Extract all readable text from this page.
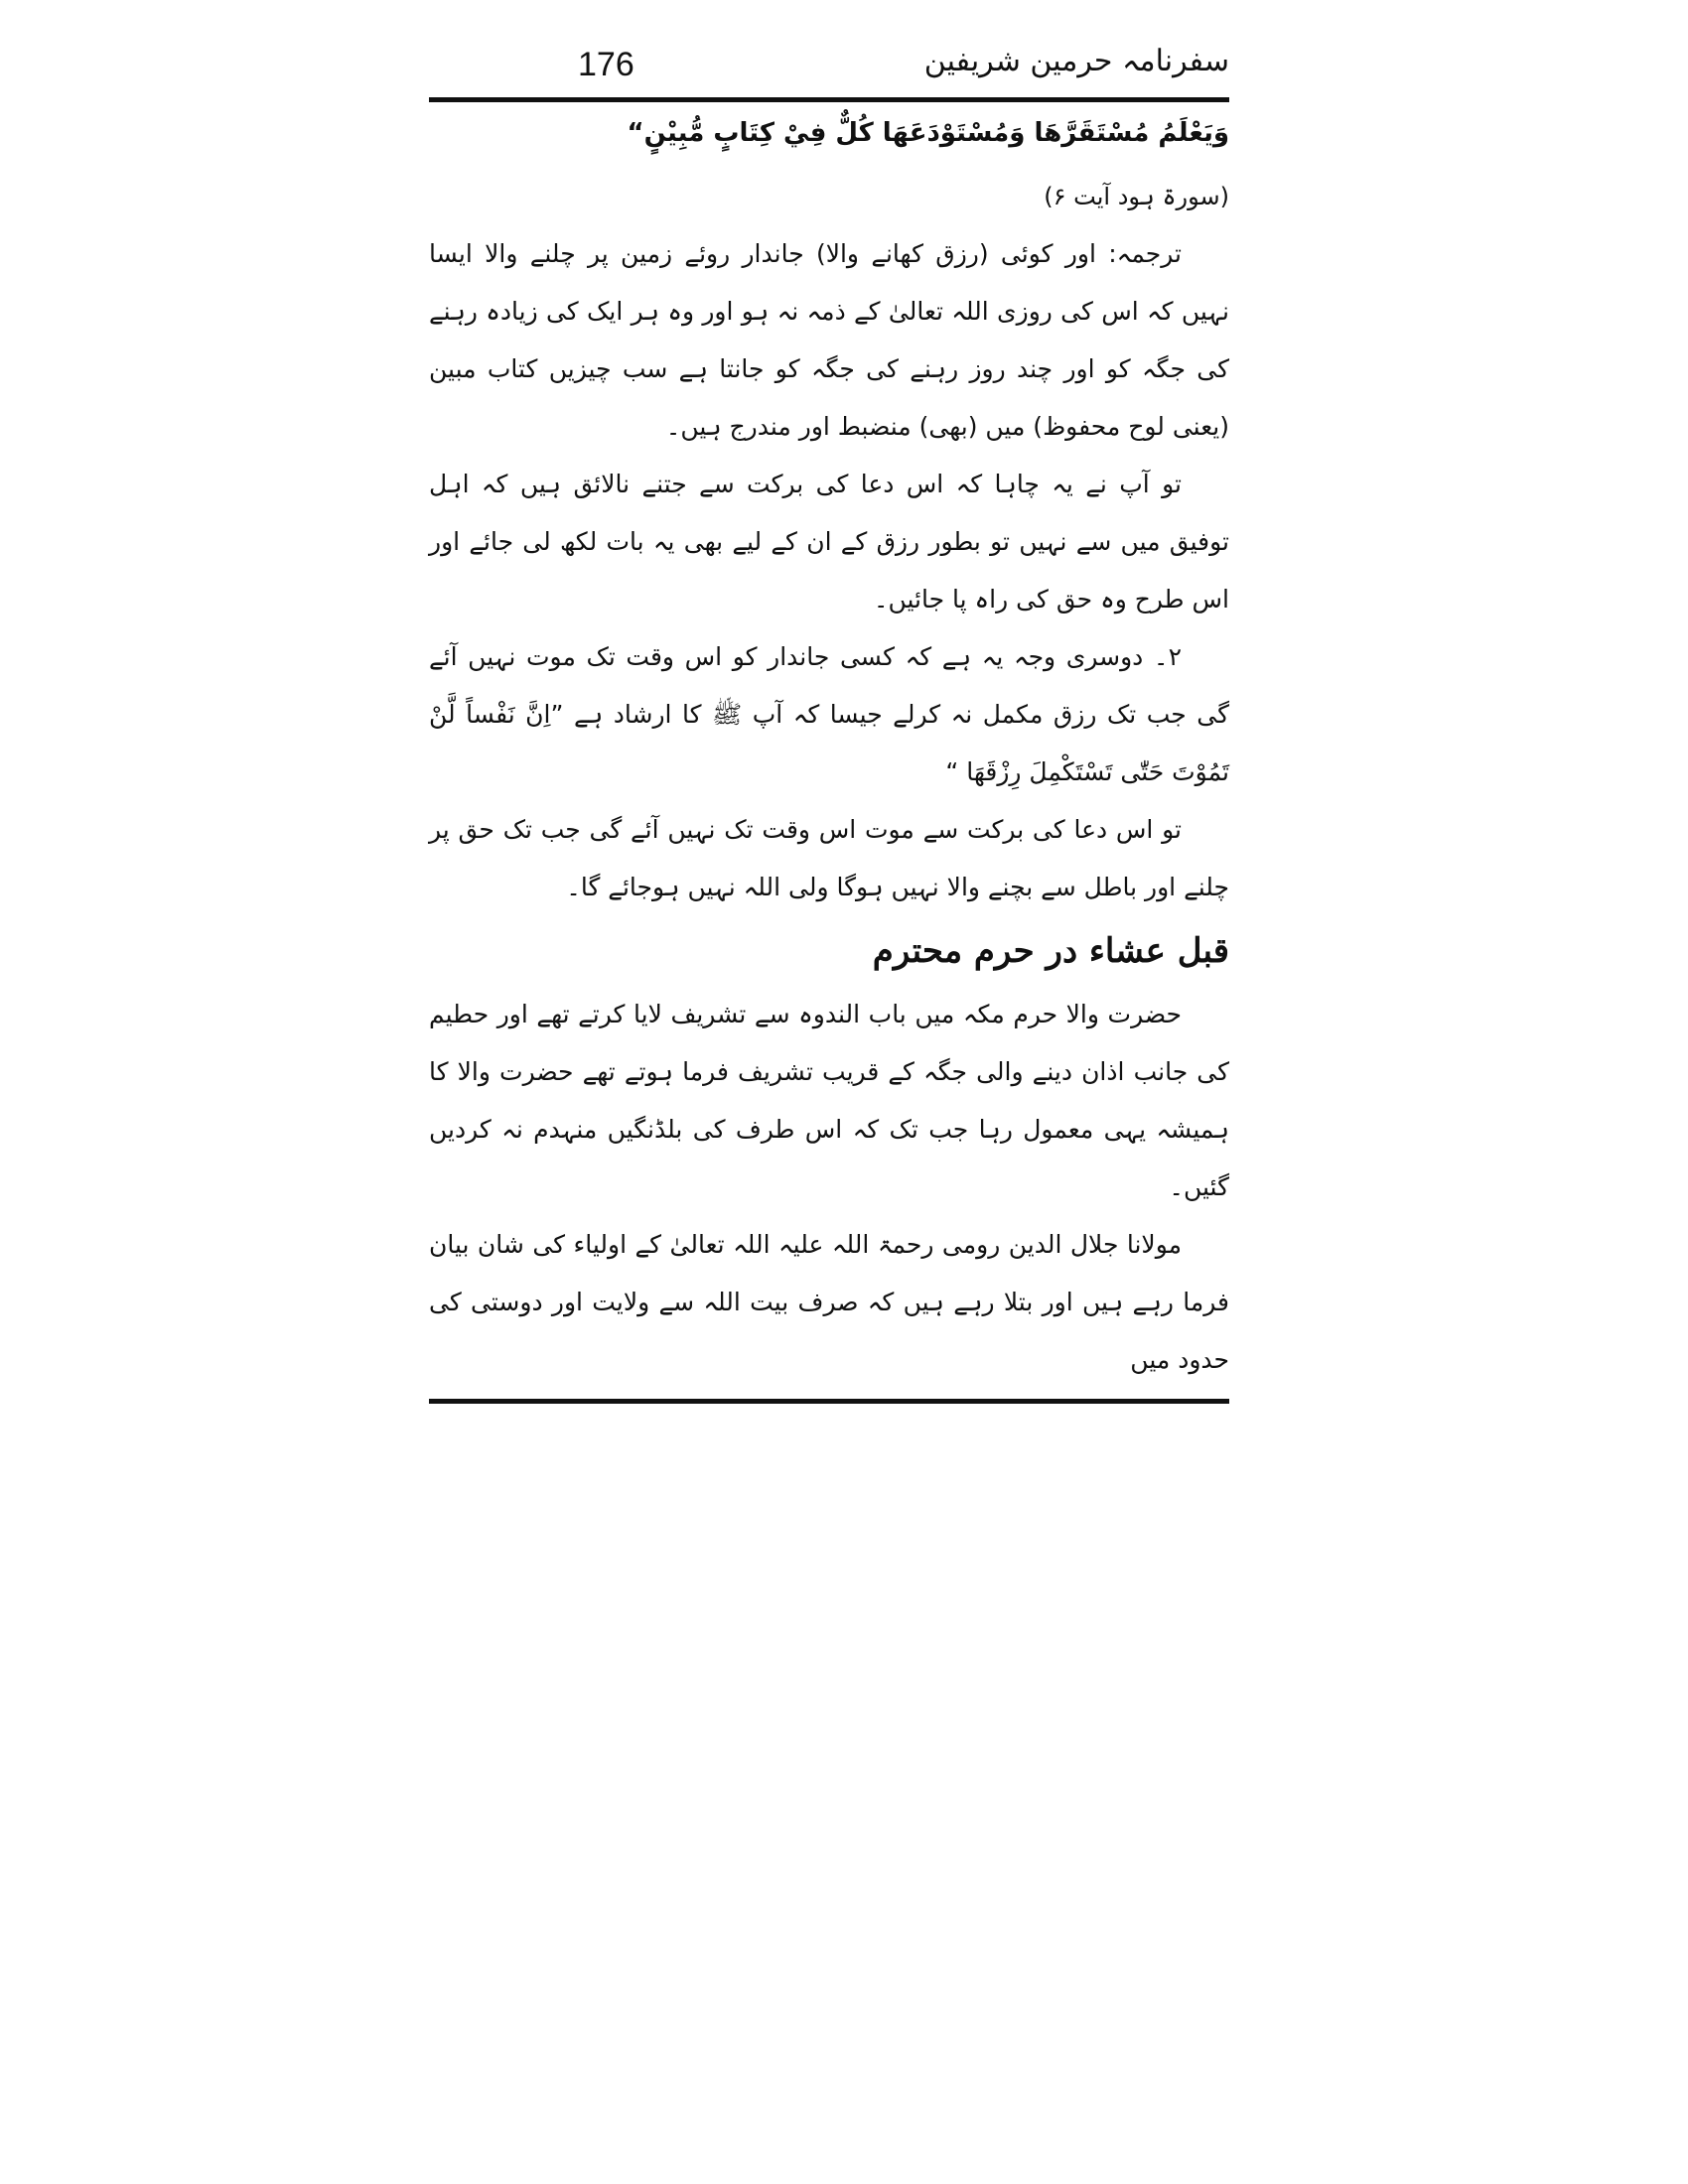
176	سفرنامہ حرمین شریفین

وَيَعْلَمُ مُسْتَقَرَّهَا وَمُسْتَوْدَعَهَا كُلٌّ فِيْ كِتَابٍ مُّبِيْنٍ“

(سورۃ ہود آیت ۶)

ترجمہ: اور کوئی (رزق کھانے والا) جاندار روئے زمین پر چلنے والا ایسا نہیں کہ اس کی روزی اللہ تعالیٰ کے ذمہ نہ ہو اور وہ ہر ایک کی زیادہ رہنے کی جگہ کو اور چند روز رہنے کی جگہ کو جانتا ہے سب چیزیں کتاب مبین (یعنی لوح محفوظ) میں (بھی) منضبط اور مندرج ہیں۔

تو آپ نے یہ چاہا کہ اس دعا کی برکت سے جتنے نالائق ہیں کہ اہل توفیق میں سے نہیں تو بطور رزق کے ان کے لیے بھی یہ بات لکھ لی جائے اور اس طرح وہ حق کی راہ پا جائیں۔

۲۔ دوسری وجہ یہ ہے کہ کسی جاندار کو اس وقت تک موت نہیں آئے گی جب تک رزق مکمل نہ کرلے جیسا کہ آپ ﷺ کا ارشاد ہے ”اِنَّ نَفْساً لَّنْ تَمُوْتَ حَتّٰی تَسْتَكْمِلَ رِزْقَهَا “

تو اس دعا کی برکت سے موت اس وقت تک نہیں آئے گی جب تک حق پر چلنے اور باطل سے بچنے والا نہیں ہوگا ولی اللہ نہیں ہوجائے گا۔

قبل عشاء در حرم محترم

حضرت والا حرم مکہ میں باب الندوہ سے تشریف لایا کرتے تھے اور حطیم کی جانب اذان دینے والی جگہ کے قریب تشریف فرما ہوتے تھے حضرت والا کا ہمیشہ یہی معمول رہا جب تک کہ اس طرف کی بلڈنگیں منہدم نہ کردیں گئیں۔

مولانا جلال الدین رومی رحمۃ اللہ علیہ اللہ تعالیٰ کے اولیاء کی شان بیان فرما رہے ہیں اور بتلا رہے ہیں کہ صرف بیت اللہ سے ولایت اور دوستی کی حدود میں
